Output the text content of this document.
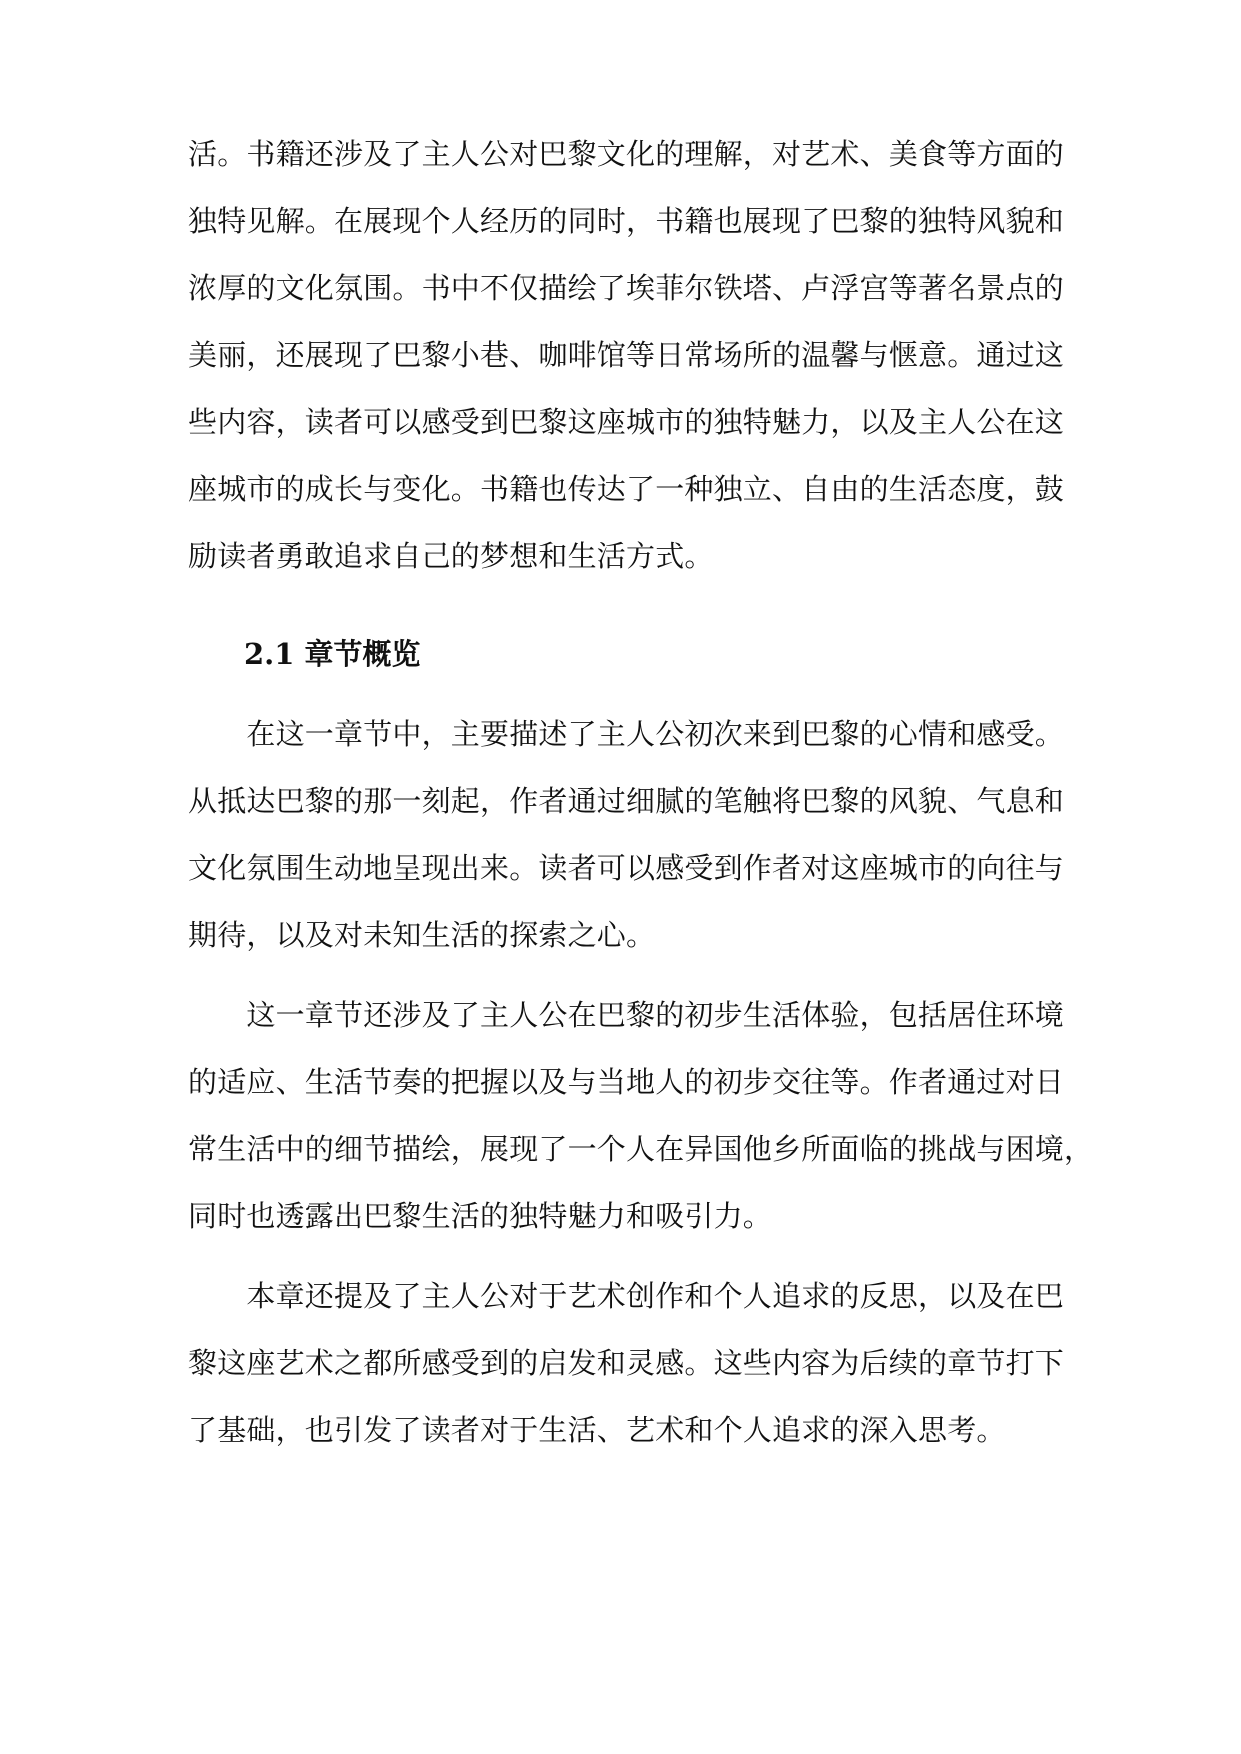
活。书籍还涉及了主人公对巴黎文化的理解，对艺术、美食等方面的
独特见解。在展现个人经历的同时，书籍也展现了巴黎的独特风貌和
浓厚的文化氛围。书中不仅描绘了埃菲尔铁塔、卢浮宫等著名景点的
美丽，还展现了巴黎小巷、咖啡馆等日常场所的温馨与惬意。通过这
些内容，读者可以感受到巴黎这座城市的独特魅力，以及主人公在这
座城市的成长与变化。书籍也传达了一种独立、自由的生活态度，鼓
励读者勇敢追求自己的梦想和生活方式。
2.1 章节概览
　　在这一章节中，主要描述了主人公初次来到巴黎的心情和感受。
从抵达巴黎的那一刻起，作者通过细腻的笔触将巴黎的风貌、气息和
文化氛围生动地呈现出来。读者可以感受到作者对这座城市的向往与
期待，以及对未知生活的探索之心。
　　这一章节还涉及了主人公在巴黎的初步生活体验，包括居住环境
的适应、生活节奏的把握以及与当地人的初步交往等。作者通过对日
常生活中的细节描绘，展现了一个人在异国他乡所面临的挑战与困境，
同时也透露出巴黎生活的独特魅力和吸引力。
　　本章还提及了主人公对于艺术创作和个人追求的反思，以及在巴
黎这座艺术之都所感受到的启发和灵感。这些内容为后续的章节打下
了基础，也引发了读者对于生活、艺术和个人追求的深入思考。
